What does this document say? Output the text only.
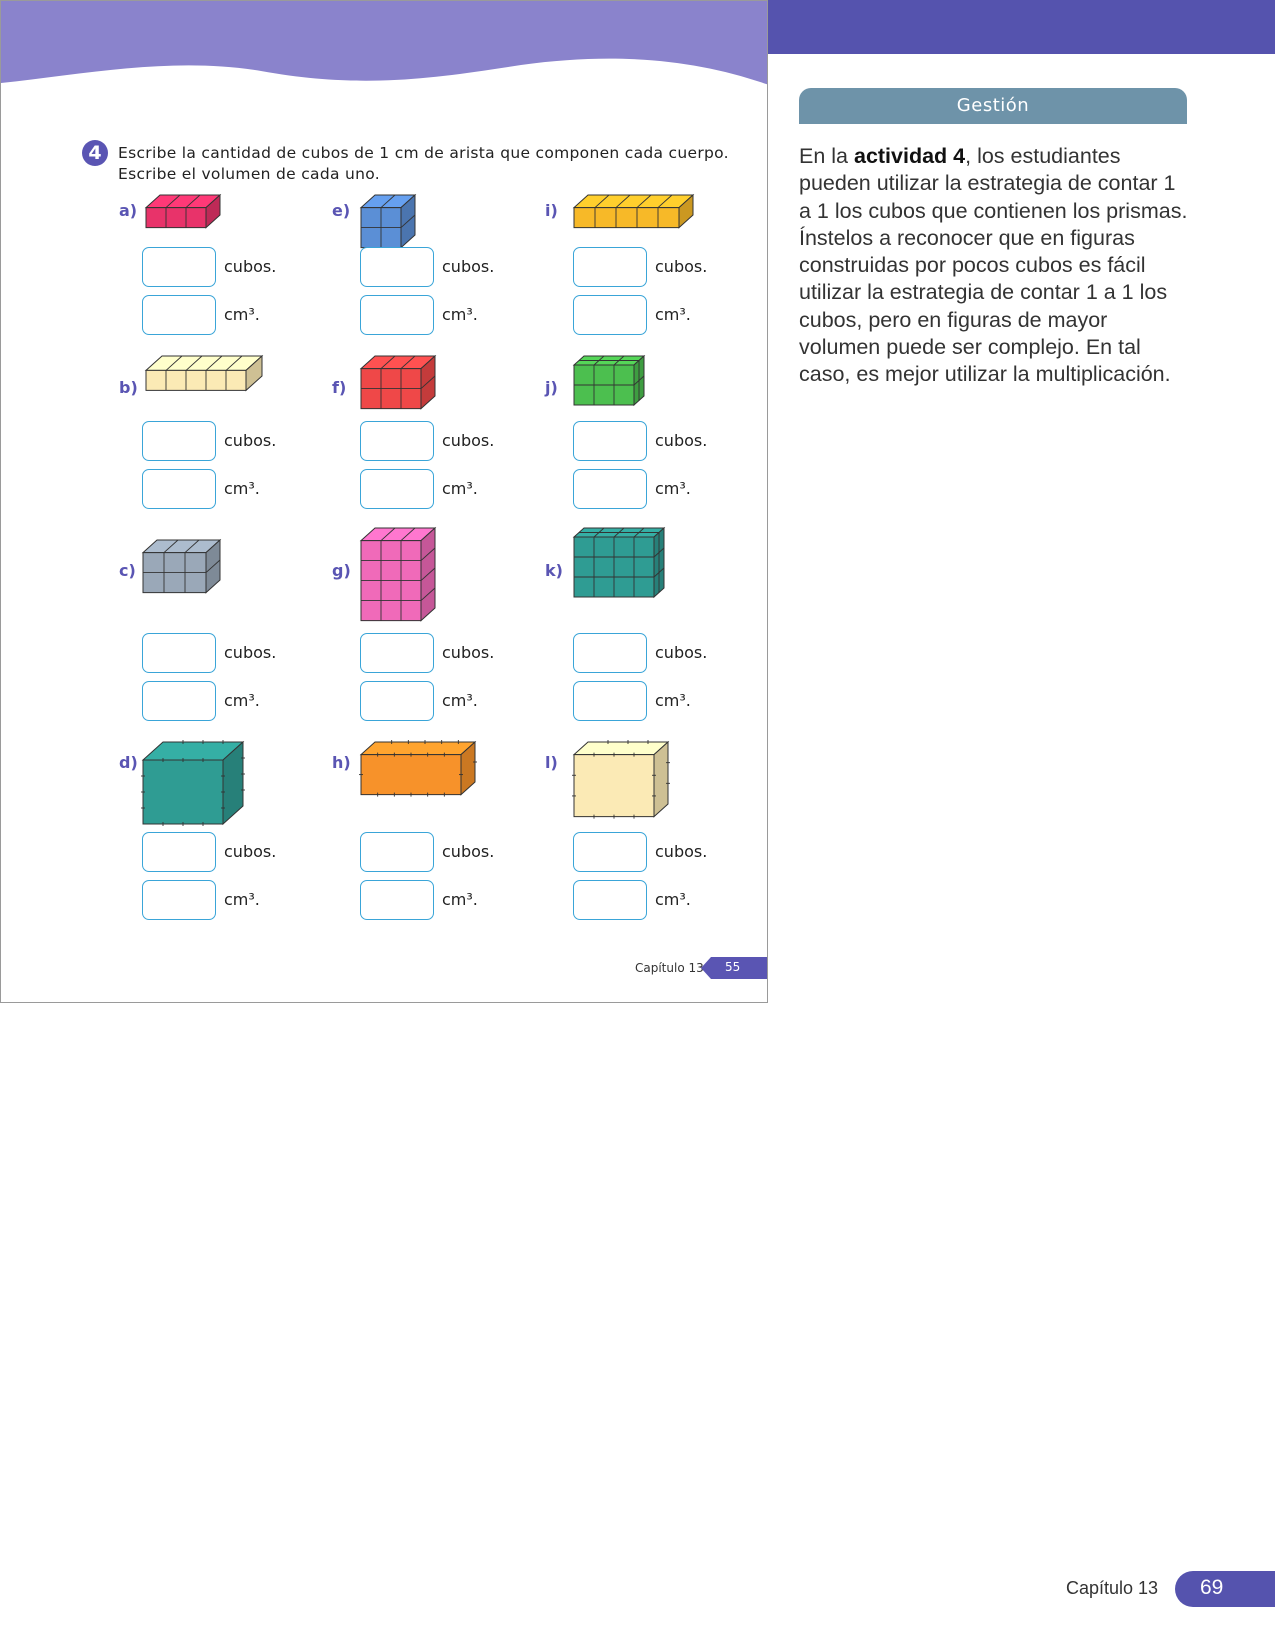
4	Escribe la cantidad de cubos de 1 cm de arista que componen cada cuerpo.
Escribe el volumen de cada uno.
a)
cubos.
cm³.
b)
cubos.
cm³.
c)
cubos.
cm³.
d)
cubos.
cm³.
e)
cubos.
cm³.
f)
cubos.
cm³.
g)
cubos.
cm³.
h)
cubos.
cm³.
i)
cubos.
cm³.
j)
cubos.
cm³.
k)
cubos.
cm³.
l)
cubos.
cm³.
Capítulo 13 55
Gestión
En la actividad 4, los estudiantes pueden utilizar la estrategia de contar 1 a 1 los cubos que contienen los prismas. Ínstelos a reconocer que en figuras construidas por pocos cubos es fácil utilizar la estrategia de contar 1 a 1 los cubos, pero en figuras de mayor volumen puede ser complejo. En tal caso, es mejor utilizar la multiplicación.
Capítulo 13 69
